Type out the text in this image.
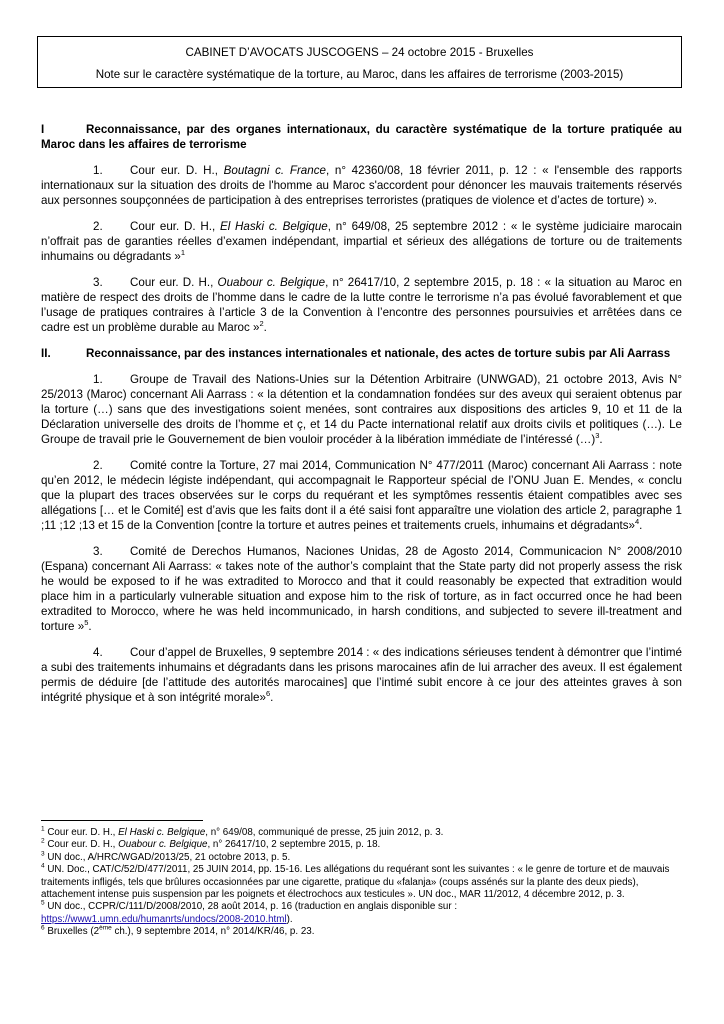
CABINET D’AVOCATS JUSCOGENS – 24 octobre 2015 - Bruxelles

Note sur le caractère systématique de la torture, au Maroc, dans les affaires de terrorisme (2003-2015)

I	Reconnaissance, par des organes internationaux, du caractère systématique de la torture pratiquée au Maroc dans les affaires de terrorisme

1. Cour eur. D. H., Boutagni c. France, n° 42360/08, 18 février 2011, p. 12 : « l'ensemble des rapports internationaux sur la situation des droits de l'homme au Maroc s'accordent pour dénoncer les mauvais traitements réservés aux personnes soupçonnées de participation à des entreprises terroristes (pratiques de violence et d’actes de torture) ».

2. Cour eur. D. H., El Haski c. Belgique, n° 649/08, 25 septembre 2012 : « le système judiciaire marocain n’offrait pas de garanties réelles d’examen indépendant, impartial et sérieux des allégations de torture ou de traitements inhumains ou dégradants »$^1$

3. Cour eur. D. H., Ouabour c. Belgique, n° 26417/10, 2 septembre 2015, p. 18 : « la situation au Maroc en matière de respect des droits de l’homme dans le cadre de la lutte contre le terrorisme n’a pas évolué favorablement et que l’usage de pratiques contraires à l’article 3 de la Convention à l’encontre des personnes poursuivies et arrêtées dans ce cadre est un problème durable au Maroc »$^2$.

II.	Reconnaissance, par des instances internationales et nationale, des actes de torture subis par Ali Aarrass

1. Groupe de Travail des Nations-Unies sur la Détention Arbitraire (UNWGAD), 21 octobre 2013, Avis N° 25/2013 (Maroc) concernant Ali Aarrass : « la détention et la condamnation fondées sur des aveux qui seraient obtenus par la torture (…) sans que des investigations soient menées, sont contraires aux dispositions des articles 9, 10 et 11 de la Déclaration universelle des droits de l’homme et ç, et 14 du Pacte international relatif aux droits civils et politiques (…). Le Groupe de travail prie le Gouvernement de bien vouloir procéder à la libération immédiate de l’intéressé (…)$^3$.

2. Comité contre la Torture, 27 mai 2014, Communication N° 477/2011 (Maroc) concernant Ali Aarrass : note qu’en 2012, le médecin légiste indépendant, qui accompagnait le Rapporteur spécial de l’ONU Juan E. Mendes, « conclu que la plupart des traces observées sur le corps du requérant et les symptômes ressentis étaient compatibles avec ses allégations [… et le Comité] est d’avis que les faits dont il a été saisi font apparaître une violation des article 2, paragraphe 1 ;11 ;12 ;13 et 15 de la Convention [contre la torture et autres peines et traitements cruels, inhumains et dégradants»$^4$.

3. Comité de Derechos Humanos, Naciones Unidas, 28 de Agosto 2014, Communicacion N° 2008/2010 (Espana) concernant Ali Aarrass: « takes note of the author’s complaint that the State party did not properly assess the risk he would be exposed to if he was extradited to Morocco and that it could reasonably be expected that extradition would place him in a particularly vulnerable situation and expose him to the risk of torture, as in fact occurred once he had been extradited to Morocco, where he was held incommunicado, in harsh conditions, and subjected to severe ill-treatment and torture »$^5$.

4. Cour d’appel de Bruxelles, 9 septembre 2014 : « des indications sérieuses tendent à démontrer que l’intimé a subi des traitements inhumains et dégradants dans les prisons marocaines afin de lui arracher des aveux. Il est également permis de déduire [de l’attitude des autorités marocaines] que l’intimé subit encore à ce jour des atteintes graves à son intégrité physique et à son intégrité morale»$^6$.

$^1$ Cour eur. D. H., El Haski c. Belgique, n° 649/08, communiqué de presse, 25 juin 2012, p. 3.

$^2$ Cour eur. D. H., Ouabour c. Belgique, n° 26417/10, 2 septembre 2015, p. 18.

$^3$ UN doc., A/HRC/WGAD/2013/25, 21 octobre 2013, p. 5.

$^4$ UN. Doc., CAT/C/52/D/477/2011, 25 JUIN 2014, pp. 15-16. Les allégations du requérant sont les suivantes : « le genre de torture et de mauvais traitements infligés, tels que brûlures occasionnées par une cigarette, pratique du «falanja» (coups assénés sur la plante des deux pieds), attachement intense puis suspension par les poignets et électrochocs aux testicules ». UN doc., MAR 11/2012, 4 décembre 2012, p. 3.

$^5$ UN doc., CCPR/C/111/D/2008/2010, 28 août 2014, p. 16 (traduction en anglais disponible sur :
https://www1.umn.edu/humanrts/undocs/2008-2010.html).

$^6$ Bruxelles (2ème ch.), 9 septembre 2014, n° 2014/KR/46, p. 23.
